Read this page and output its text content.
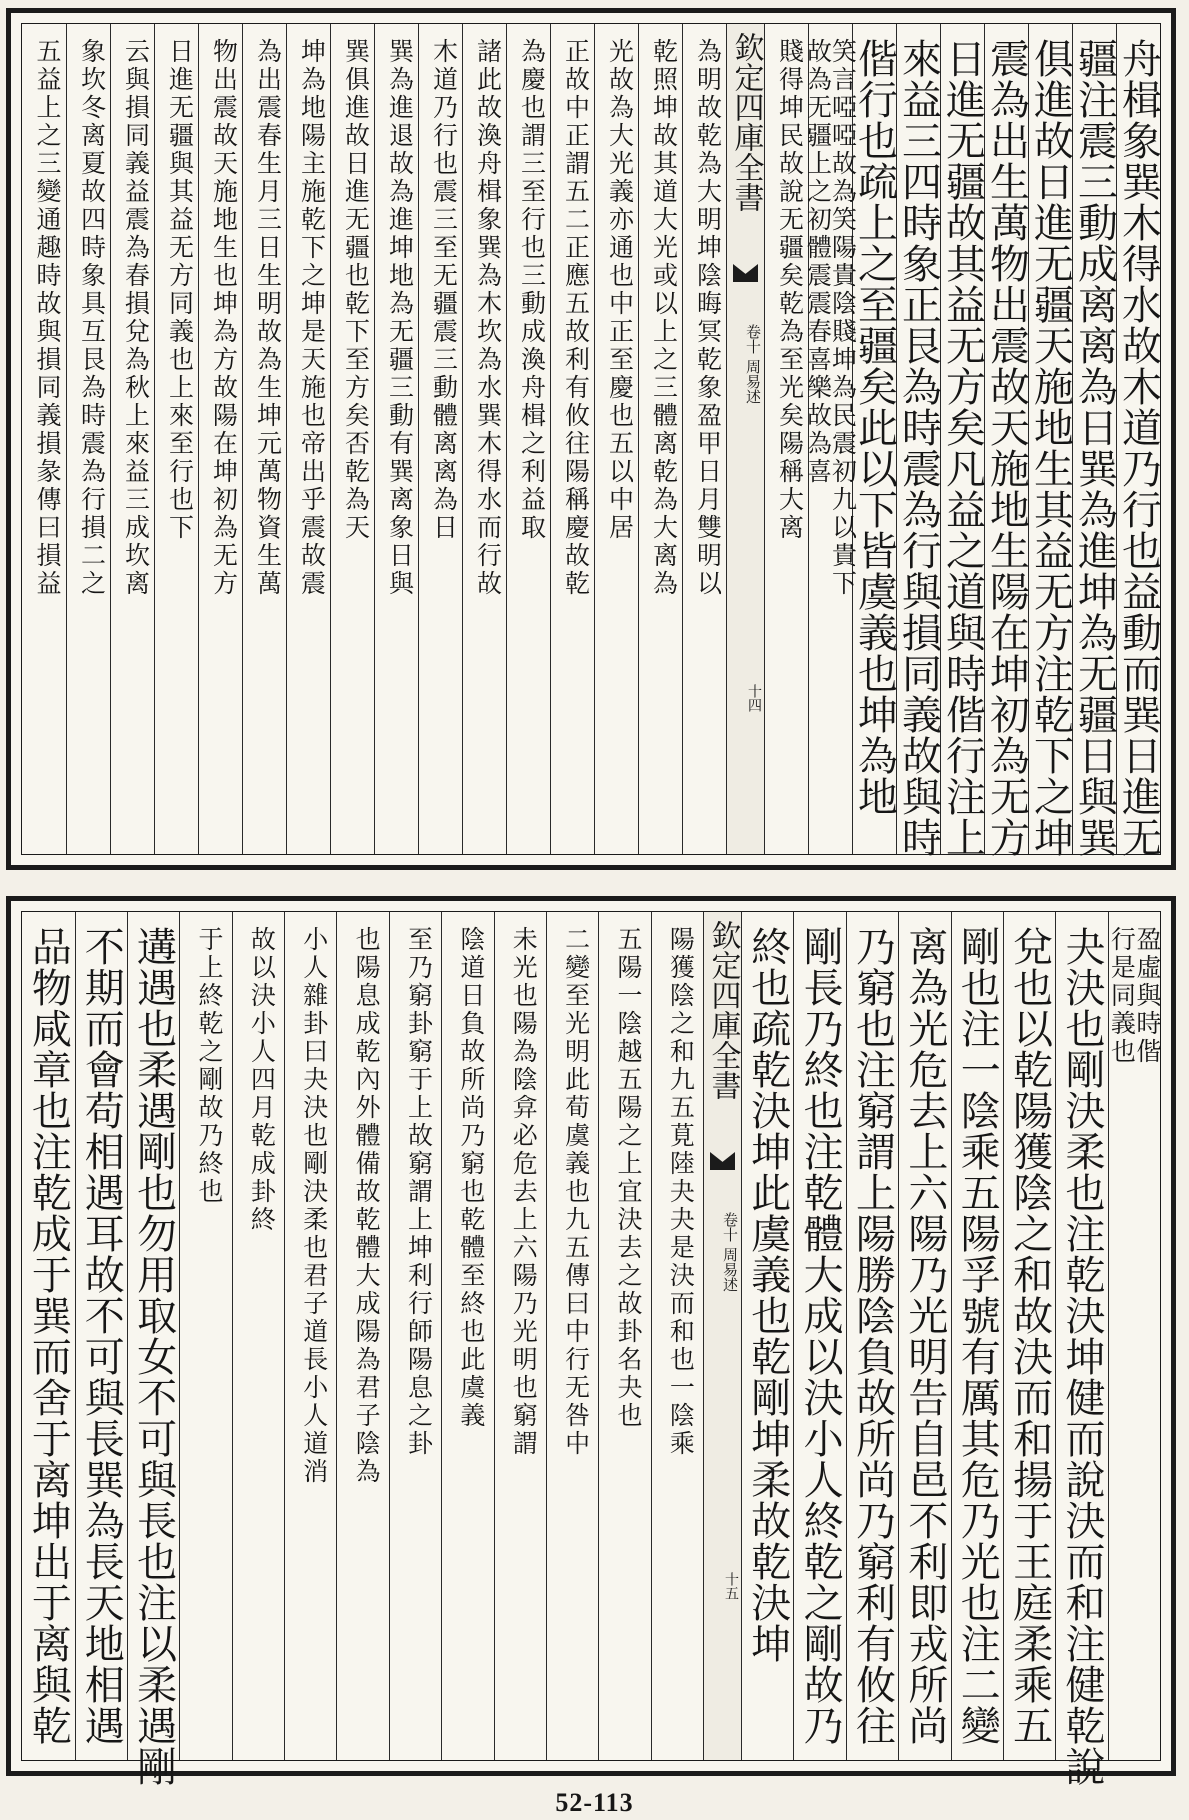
舟楫象巽木得水故木道乃行也益動而巽日進无
疆注震三動成离离為日巽為進坤為无疆日與巽
俱進故日進无疆天施地生其益无方注乾下之坤
震為出生萬物出震故天施地生陽在坤初為无方
日進无疆故其益无方矣凡益之道與時偕行注上
來益三四時象正艮為時震為行與損同義故與時
偕行也疏上之至疆矣此以下皆虞義也坤為地
笑言啞啞故為笑陽貴陰賤坤為民震初九以貴下
故為无疆上之初體震震春喜樂故為喜
賤得坤民故說无疆矣乾為至光矣陽稱大离
欽定四庫全書
卷十 周易述
十四
為明故乾為大明坤陰晦冥乾象盈甲日月雙明以
乾照坤故其道大光或以上之三體离乾為大离為
光故為大光義亦通也中正至慶也五以中居
正故中正謂五二正應五故利有攸往陽稱慶故乾
為慶也謂三至行也三動成渙舟楫之利益取
諸此故渙舟楫象巽為木坎為水巽木得水而行故
木道乃行也震三至无疆震三動體离离為日
巽為進退故為進坤地為无疆三動有巽离象日與
巽俱進故日進无疆也乾下至方矣否乾為天
坤為地陽主施乾下之坤是天施也帝出乎震故震
為出震春生月三日生明故為生坤元萬物資生萬
物出震故天施地生也坤為方故陽在坤初為无方
日進无疆與其益无方同義也上來至行也下
云與損同義益震為春損兌為秋上來益三成坎离
象坎冬离夏故四時象具互艮為時震為行損二之
五益上之三變通趣時故與損同義損彖傳曰損益
盈虛與時偕
行是同義也
夬決也剛決柔也注乾決坤健而說決而和注健乾說
兌也以乾陽獲陰之和故決而和揚于王庭柔乘五
剛也注一陰乘五陽孚號有厲其危乃光也注二變
离為光危去上六陽乃光明告自邑不利即戎所尚
乃窮也注窮謂上陽勝陰負故所尚乃窮利有攸往
剛長乃終也注乾體大成以決小人終乾之剛故乃
終也疏乾決坤此虞義也乾剛坤柔故乾決坤
欽定四庫全書
卷十 周易述
十五
陽獲陰之和九五莧陸夬夬是決而和也一陰乘
五陽一陰越五陽之上宜決去之故卦名夬也
二變至光明此荀虞義也九五傳曰中行无咎中
未光也陽為陰弇必危去上六陽乃光明也窮謂
陰道日負故所尚乃窮也乾體至終也此虞義
至乃窮卦窮于上故窮謂上坤利行師陽息之卦
也陽息成乾內外體備故乾體大成陽為君子陰為
小人雜卦曰夬決也剛決柔也君子道長小人道消
故以決小人四月乾成卦終
于上終乾之剛故乃終也
遘遇也柔遇剛也勿用取女不可與長也注以柔遇剛
不期而會苟相遇耳故不可與長巽為長天地相遇
品物咸章也注乾成于巽而舍于离坤出于离與乾
52-113
